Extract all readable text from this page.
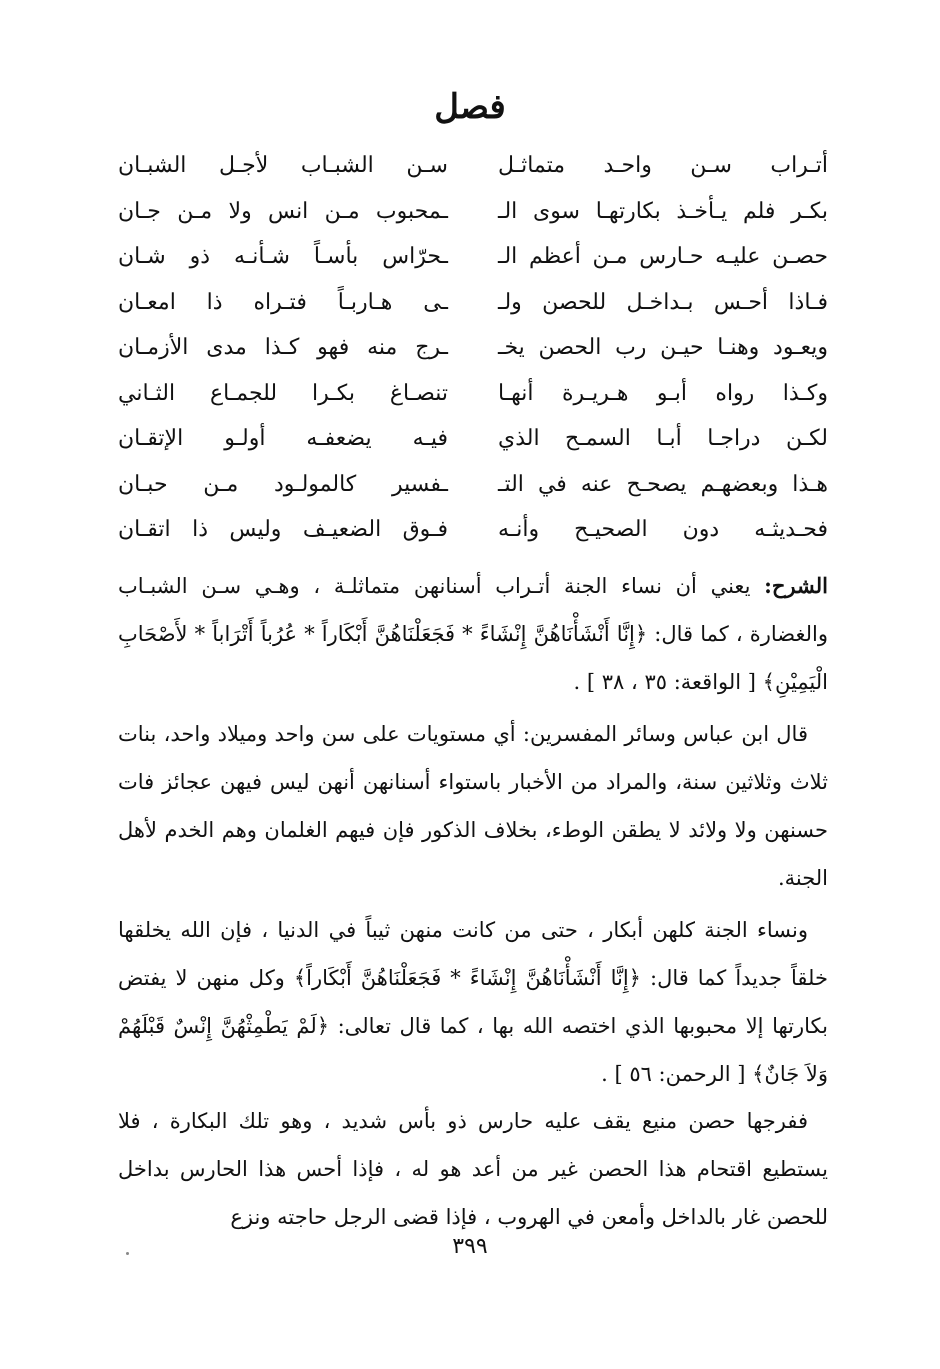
فصل
أتـراب سـن واحـد متماثـل
سـن الشبـاب لأجـل الشبـان
بكـر فلم يـأخـذ بكارتهـا سوى الـ
ـمحبوب مـن انس ولا مـن جـان
حصـن عليـه حـارس مـن أعظم الـ
ـحرّاس بأسـاً شـأنـه ذو شـان
فـاذا أحـس بـداخـل للحصن ولـ
ـى هـاربـاً فتـراه ذا امعـان
ويعـود وهنـا حيـن رب الحصن يخـ
ـرج منه فهو كـذا مدى الأزمـان
وكـذا رواه أبـو هـريـرة أنهـا
تنصـاغ بكـرا للجمـاع الثـاني
لكـن دراجـا أبـا السمـح الذي
فيـه يضعفـه أولـو الإتقـان
هـذا وبعضهـم يصحـح عنه في التـ
ـفسير كالمولـود مـن حبـان
فحـديثـه دون الصحيـح وأنـه
فـوق الضعيـف وليس ذا اتقـان

الشرح: يعني أن نساء الجنة أتـراب أسنانهن متماثلـة ، وهـي سـن الشبـاب والغضارة ، كما قال: ﴿إِنَّا أَنْشَأْنَاهُنَّ إِنْشَاءً * فَجَعَلْنَاهُنَّ أَبْكَاراً * عُرُباً أَتْرَاباً * لأَصْحَابِ الْيَمِيْنِ﴾ [ الواقعة: ٣٥ ، ٣٨ ] .

قال ابن عباس وسائر المفسرين: أي مستويات على سن واحد وميلاد واحد، بنات ثلاث وثلاثين سنة، والمراد من الأخبار باستواء أسنانهن أنهن ليس فيهن عجائز فات حسنهن ولا ولائد لا يطقن الوطء، بخلاف الذكور فإن فيهم الغلمان وهم الخدم لأهل الجنة.

ونساء الجنة كلهن أبكار ، حتى من كانت منهن ثيباً في الدنيا ، فإن الله يخلقها خلقاً جديداً كما قال: ﴿إِنَّا أَنْشَأْنَاهُنَّ إِنْشَاءً * فَجَعَلْنَاهُنَّ أَبْكَاراً﴾ وكل منهن لا يفتض بكارتها إلا محبوبها الذي اختصه الله بها ، كما قال تعالى: ﴿لَمْ يَطْمِثْهُنَّ إِنْسٌ قَبْلَهُمْ وَلاَ جَانٌ﴾ [ الرحمن: ٥٦ ] .

ففرجها حصن منيع يقف عليه حارس ذو بأس شديد ، وهو تلك البكارة ، فلا يستطيع اقتحام هذا الحصن غير من أعد هو له ، فإذا أحس هذا الحارس بداخل للحصن غار بالداخل وأمعن في الهروب ، فإذا قضى الرجل حاجته ونزع

٣٩٩
